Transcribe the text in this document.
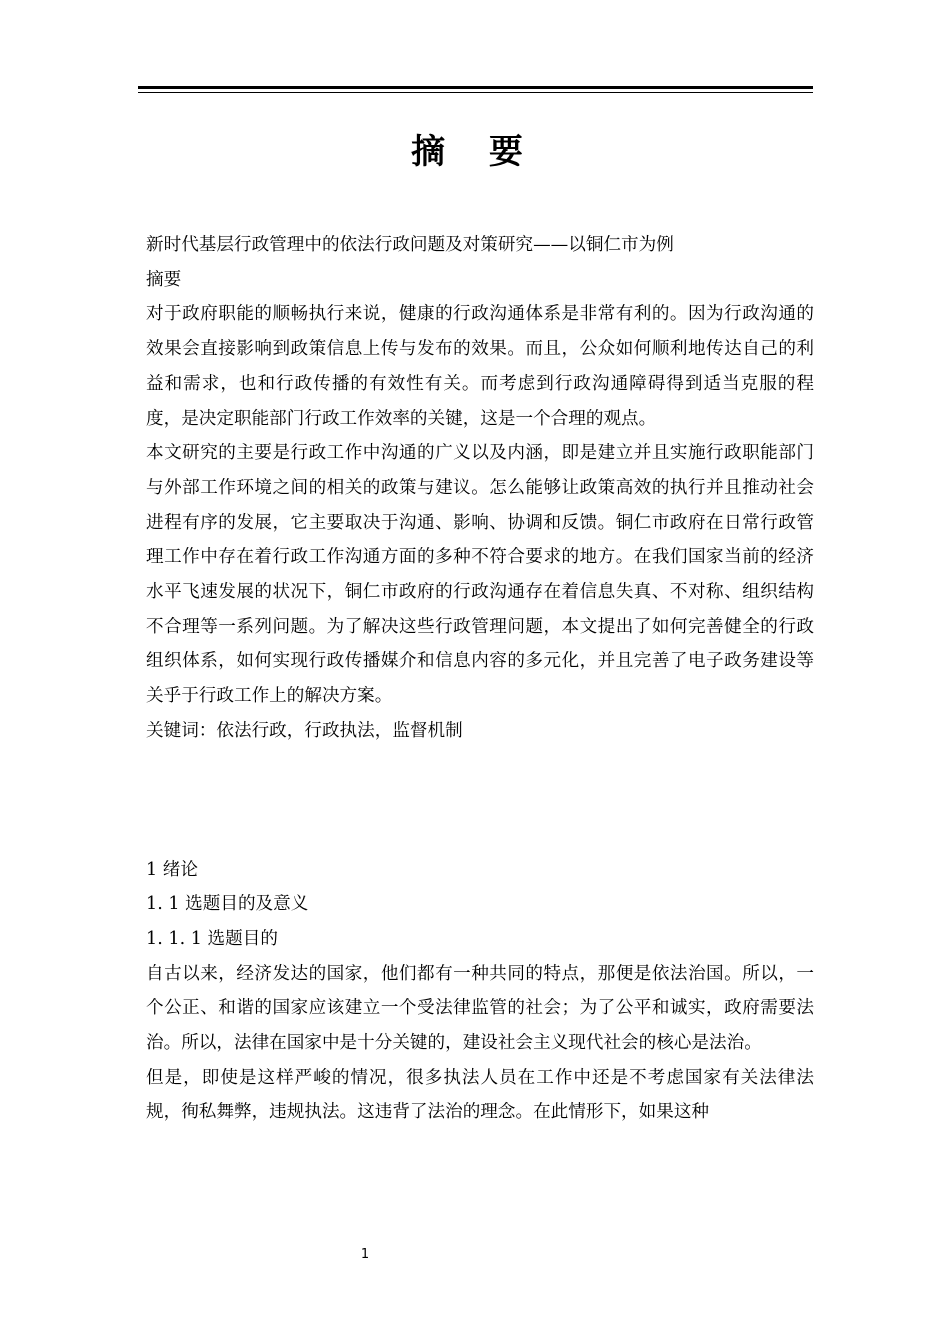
摘 要

新时代基层行政管理中的依法行政问题及对策研究——以铜仁市为例

摘要

对于政府职能的顺畅执行来说，健康的行政沟通体系是非常有利的。因为行政沟通的效果会直接影响到政策信息上传与发布的效果。而且，公众如何顺利地传达自己的利益和需求，也和行政传播的有效性有关。而考虑到行政沟通障碍得到适当克服的程度，是决定职能部门行政工作效率的关键，这是一个合理的观点。

本文研究的主要是行政工作中沟通的广义以及内涵，即是建立并且实施行政职能部门与外部工作环境之间的相关的政策与建议。怎么能够让政策高效的执行并且推动社会进程有序的发展，它主要取决于沟通、影响、协调和反馈。铜仁市政府在日常行政管理工作中存在着行政工作沟通方面的多种不符合要求的地方。在我们国家当前的经济水平飞速发展的状况下，铜仁市政府的行政沟通存在着信息失真、不对称、组织结构不合理等一系列问题。为了解决这些行政管理问题，本文提出了如何完善健全的行政组织体系，如何实现行政传播媒介和信息内容的多元化，并且完善了电子政务建设等关乎于行政工作上的解决方案。

关键词：依法行政，行政执法，监督机制

1 绪论

1. 1 选题目的及意义

1. 1. 1 选题目的

自古以来，经济发达的国家，他们都有一种共同的特点，那便是依法治国。所以，一个公正、和谐的国家应该建立一个受法律监管的社会；为了公平和诚实，政府需要法治。所以，法律在国家中是十分关键的，建设社会主义现代社会的核心是法治。

但是，即使是这样严峻的情况，很多执法人员在工作中还是不考虑国家有关法律法规，徇私舞弊，违规执法。这违背了法治的理念。在此情形下，如果这种

1
